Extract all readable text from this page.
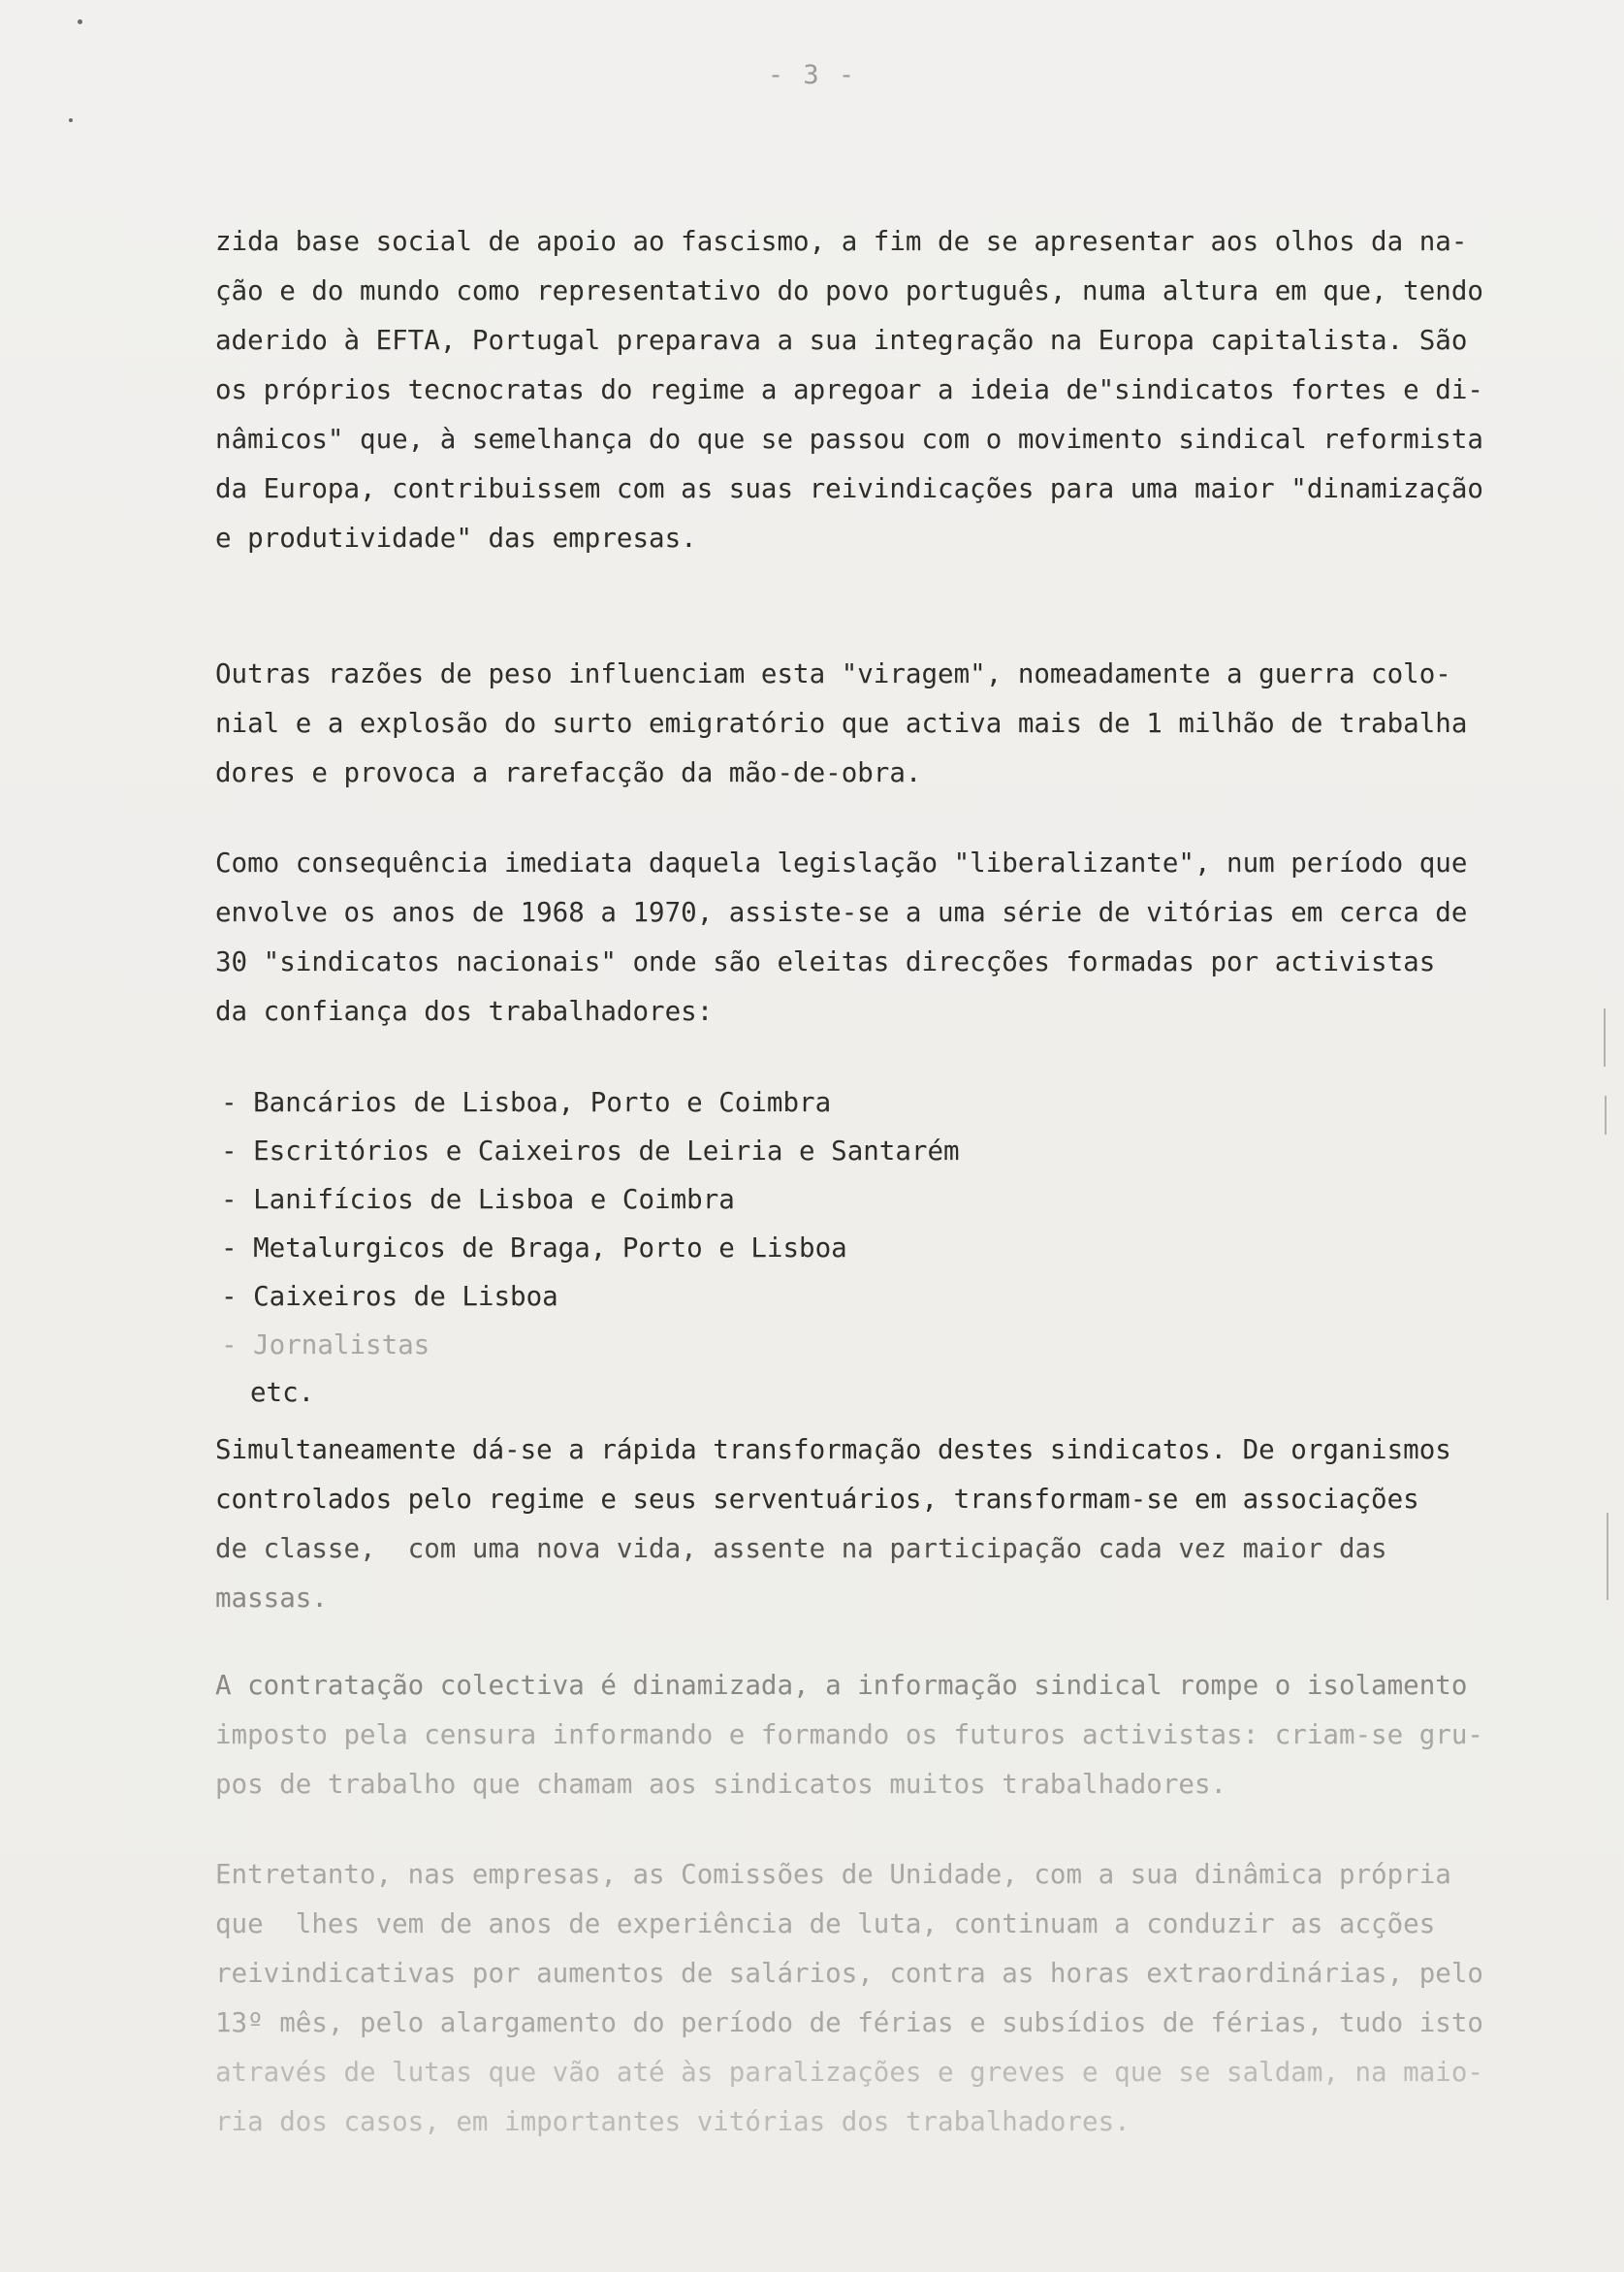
- 3 -
zida base social de apoio ao fascismo, a fim de se apresentar aos olhos da na-
ção e do mundo como representativo do povo português, numa altura em que, tendo
aderido à EFTA, Portugal preparava a sua integração na Europa capitalista. São
os próprios tecnocratas do regime a apregoar a ideia de"sindicatos fortes e di-
nâmicos" que, à semelhança do que se passou com o movimento sindical reformista
da Europa, contribuissem com as suas reivindicações para uma maior "dinamização
e produtividade" das empresas.
Outras razões de peso influenciam esta "viragem", nomeadamente a guerra colo-
nial e a explosão do surto emigratório que activa mais de 1 milhão de trabalha
dores e provoca a rarefacção da mão-de-obra.
Como consequência imediata daquela legislação "liberalizante", num período que
envolve os anos de 1968 a 1970, assiste-se a uma série de vitórias em cerca de
30 "sindicatos nacionais" onde são eleitas direcções formadas por activistas
da confiança dos trabalhadores:
- Bancários de Lisboa, Porto e Coimbra
- Escritórios e Caixeiros de Leiria e Santarém
- Lanifícios de Lisboa e Coimbra
- Metalurgicos de Braga, Porto e Lisboa
- Caixeiros de Lisboa
- Jornalistas
etc.
Simultaneamente dá-se a rápida transformação destes sindicatos. De organismos
controlados pelo regime e seus serventuários, transformam-se em associações
de classe,  com uma nova vida, assente na participação cada vez maior das
massas.
A contratação colectiva é dinamizada, a informação sindical rompe o isolamento
imposto pela censura informando e formando os futuros activistas: criam-se gru-
pos de trabalho que chamam aos sindicatos muitos trabalhadores.
Entretanto, nas empresas, as Comissões de Unidade, com a sua dinâmica própria
que  lhes vem de anos de experiência de luta, continuam a conduzir as acções
reivindicativas por aumentos de salários, contra as horas extraordinárias, pelo
13º mês, pelo alargamento do período de férias e subsídios de férias, tudo isto
através de lutas que vão até às paralizações e greves e que se saldam, na maio-
ria dos casos, em importantes vitórias dos trabalhadores.
